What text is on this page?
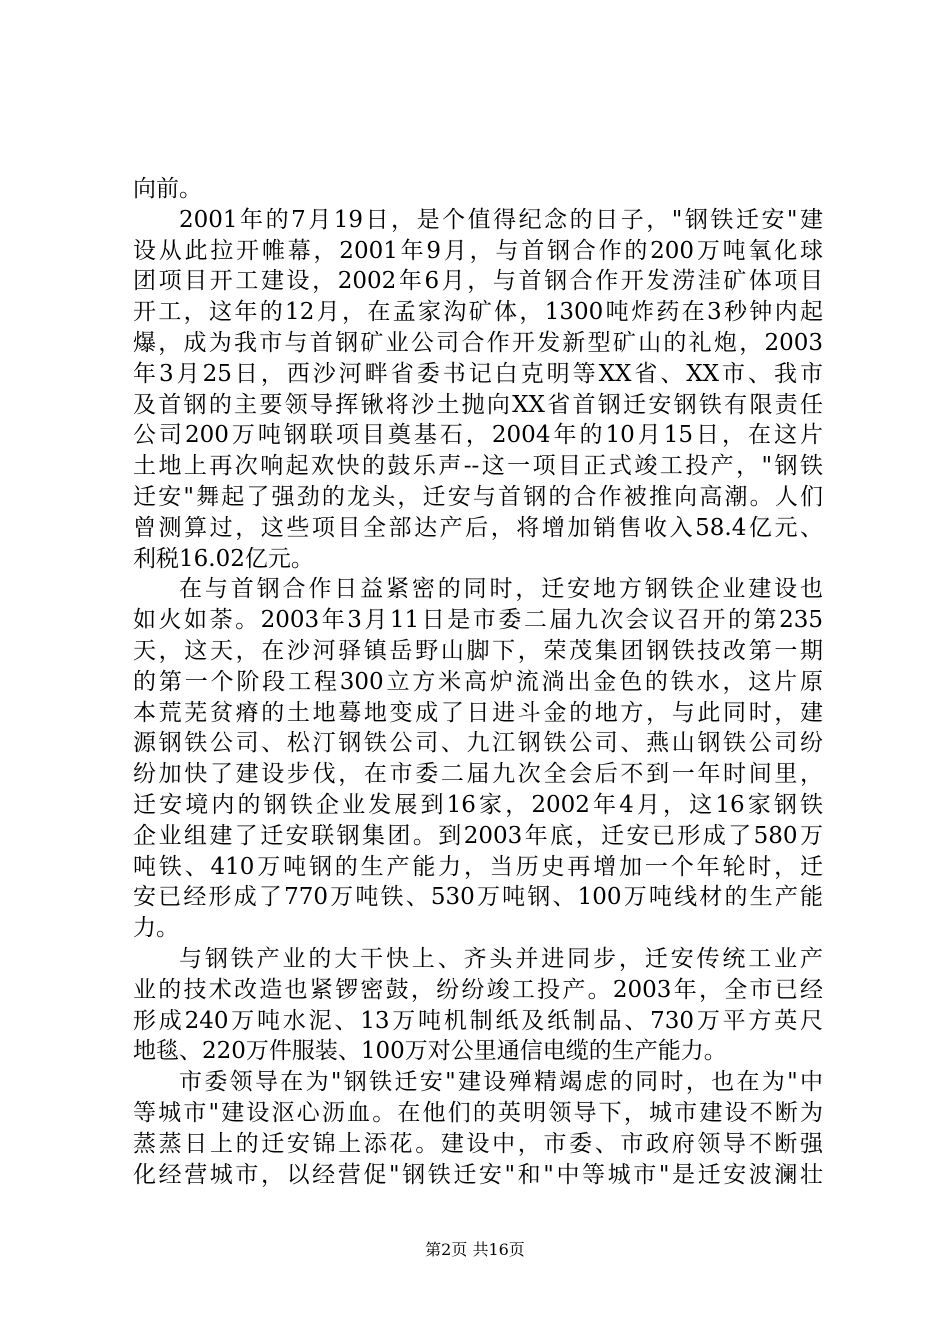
向前。
2001年的7月19日，是个值得纪念的日子，"钢铁迁安"建
设从此拉开帷幕，2001年9月，与首钢合作的200万吨氧化球
团项目开工建设，2002年6月，与首钢合作开发涝洼矿体项目
开工，这年的12月，在孟家沟矿体，1300吨炸药在3秒钟内起
爆，成为我市与首钢矿业公司合作开发新型矿山的礼炮，2003
年3月25日，西沙河畔省委书记白克明等XX省、XX市、我市
及首钢的主要领导挥锹将沙土抛向XX省首钢迁安钢铁有限责任
公司200万吨钢联项目奠基石，2004年的10月15日，在这片
土地上再次响起欢快的鼓乐声--这一项目正式竣工投产，"钢铁
迁安"舞起了强劲的龙头，迁安与首钢的合作被推向高潮。人们
曾测算过，这些项目全部达产后，将增加销售收入58.4亿元、
利税16.02亿元。
在与首钢合作日益紧密的同时，迁安地方钢铁企业建设也
如火如荼。2003年3月11日是市委二届九次会议召开的第235
天，这天，在沙河驿镇岳野山脚下，荣茂集团钢铁技改第一期
的第一个阶段工程300立方米高炉流淌出金色的铁水，这片原
本荒芜贫瘠的土地蓦地变成了日进斗金的地方，与此同时，建
源钢铁公司、松汀钢铁公司、九江钢铁公司、燕山钢铁公司纷
纷加快了建设步伐，在市委二届九次全会后不到一年时间里，
迁安境内的钢铁企业发展到16家，2002年4月，这16家钢铁
企业组建了迁安联钢集团。到2003年底，迁安已形成了580万
吨铁、410万吨钢的生产能力，当历史再增加一个年轮时，迁
安已经形成了770万吨铁、530万吨钢、100万吨线材的生产能
力。
与钢铁产业的大干快上、齐头并进同步，迁安传统工业产
业的技术改造也紧锣密鼓，纷纷竣工投产。2003年，全市已经
形成240万吨水泥、13万吨机制纸及纸制品、730万平方英尺
地毯、220万件服装、100万对公里通信电缆的生产能力。
市委领导在为"钢铁迁安"建设殚精竭虑的同时，也在为"中
等城市"建设沤心沥血。在他们的英明领导下，城市建设不断为
蒸蒸日上的迁安锦上添花。建设中，市委、市政府领导不断强
化经营城市，以经营促"钢铁迁安"和"中等城市"是迁安波澜壮
第2页 共16页
